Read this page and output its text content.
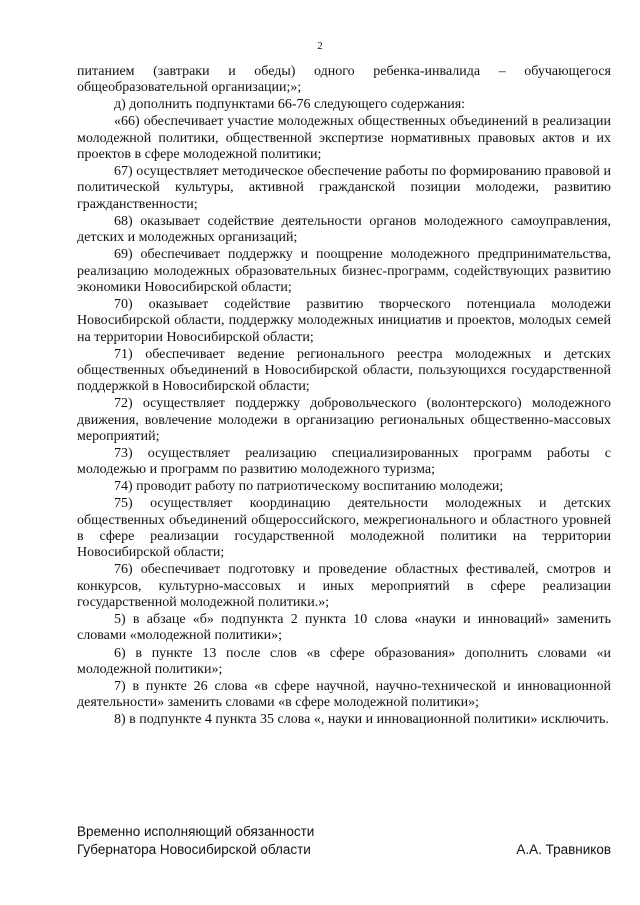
2

питанием (завтраки и обеды) одного ребенка-инвалида – обучающегося общеобразовательной организации;»;

д) дополнить подпунктами 66-76 следующего содержания:

«66) обеспечивает участие молодежных общественных объединений в реализации молодежной политики, общественной экспертизе нормативных правовых актов и их проектов в сфере молодежной политики;

67) осуществляет методическое обеспечение работы по формированию правовой и политической культуры, активной гражданской позиции молодежи, развитию гражданственности;

68) оказывает содействие деятельности органов молодежного самоуправления, детских и молодежных организаций;

69) обеспечивает поддержку и поощрение молодежного предпринимательства, реализацию молодежных образовательных бизнес-программ, содействующих развитию экономики Новосибирской области;

70) оказывает содействие развитию творческого потенциала молодежи Новосибирской области, поддержку молодежных инициатив и проектов, молодых семей на территории Новосибирской области;

71) обеспечивает ведение регионального реестра молодежных и детских общественных объединений в Новосибирской области, пользующихся государственной поддержкой в Новосибирской области;

72) осуществляет поддержку добровольческого (волонтерского) молодежного движения, вовлечение молодежи в организацию региональных общественно-массовых мероприятий;

73) осуществляет реализацию специализированных программ работы с молодежью и программ по развитию молодежного туризма;

74) проводит работу по патриотическому воспитанию молодежи;

75) осуществляет координацию деятельности молодежных и детских общественных объединений общероссийского, межрегионального и областного уровней в сфере реализации государственной молодежной политики на территории Новосибирской области;

76) обеспечивает подготовку и проведение областных фестивалей, смотров и конкурсов, культурно-массовых и иных мероприятий в сфере реализации государственной молодежной политики.»;

5) в абзаце «б» подпункта 2 пункта 10 слова «науки и инноваций» заменить словами «молодежной политики»;

6) в пункте 13 после слов «в сфере образования» дополнить словами «и молодежной политики»;

7) в пункте 26 слова «в сфере научной, научно-технической и инновационной деятельности» заменить словами «в сфере молодежной политики»;

8) в подпункте 4 пункта 35 слова «, науки и инновационной политики» исключить.

Временно исполняющий обязанности
Губернатора Новосибирской области	А.А. Травников
